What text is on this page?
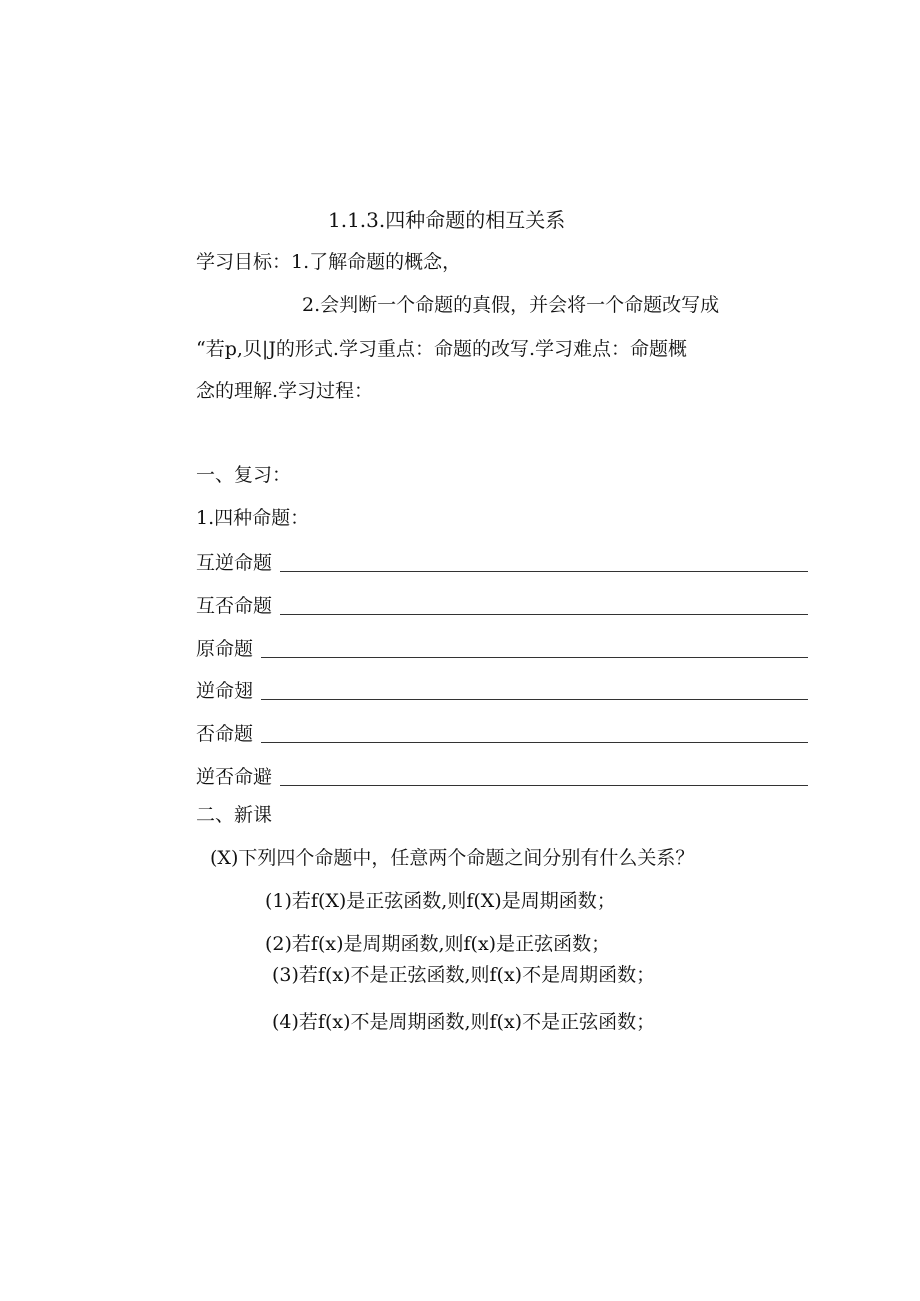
1.1.3.四种命题的相互关系
学习目标：1.了解命题的概念，
2.会判断一个命题的真假，并会将一个命题改写成
“若p,贝|J的形式.学习重点：命题的改写.学习难点：命题概
念的理解.学习过程：
一、复习：
1.四种命题：
互逆命题
互否命题
原命题
逆命翅
否命题
逆否命避
二、新课
(X)下列四个命题中，任意两个命题之间分别有什么关系？
(1)若f(X)是正弦函数,则f(X)是周期函数；
(2)若f(x)是周期函数,则f(x)是正弦函数；
(3)若f(x)不是正弦函数,则f(x)不是周期函数；
(4)若f(x)不是周期函数,则f(x)不是正弦函数；
